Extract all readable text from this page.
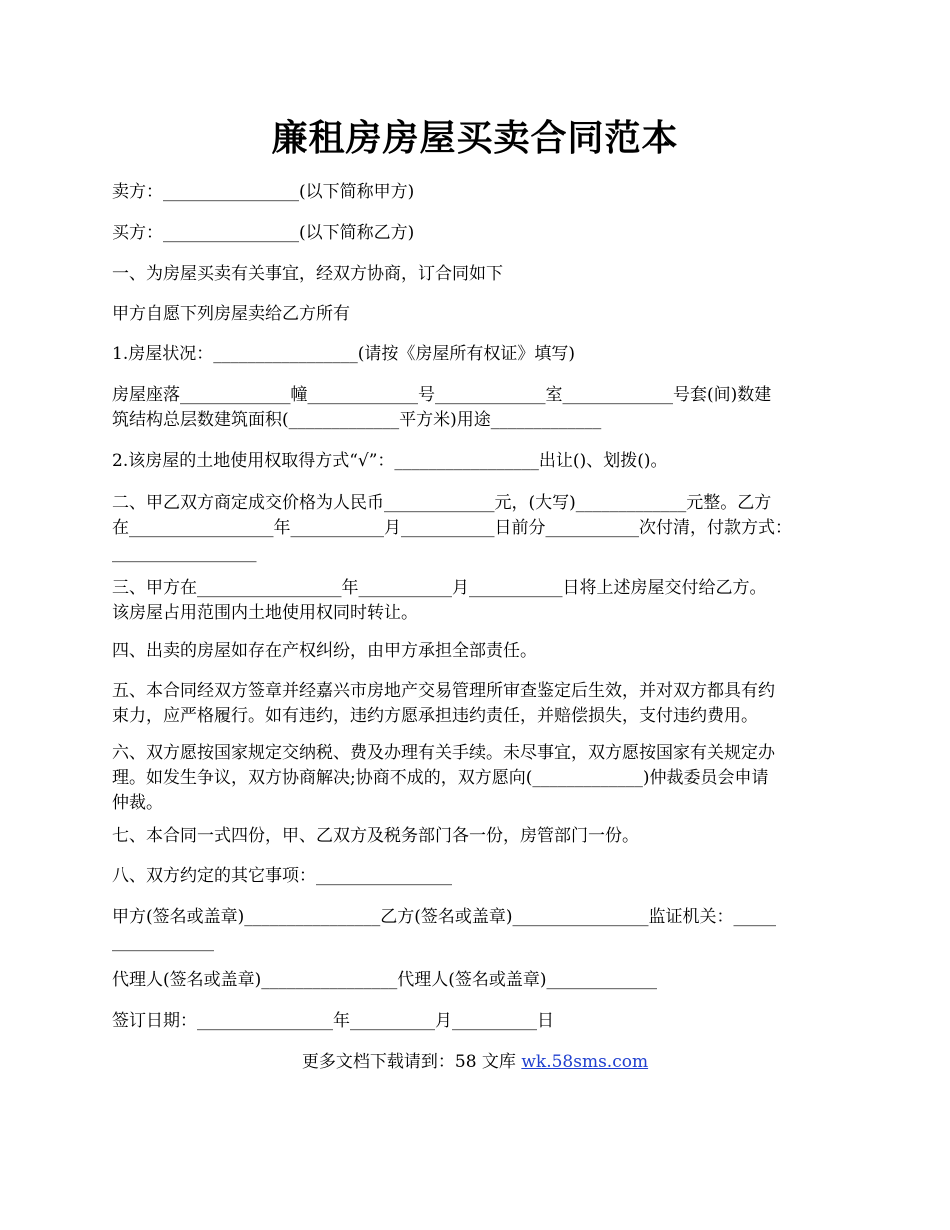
廉租房房屋买卖合同范本
卖方：________________(以下简称甲方)
买方：________________(以下简称乙方)
一、为房屋买卖有关事宜，经双方协商，订合同如下
甲方自愿下列房屋卖给乙方所有
1.房屋状况：_________________(请按《房屋所有权证》填写)
房屋座落_____________幢_____________号_____________室_____________号套(间)数建
筑结构总层数建筑面积(_____________平方米)用途_____________
2.该房屋的土地使用权取得方式“√”：_________________出让()、划拨()。
二、甲乙双方商定成交价格为人民币_____________元，(大写)_____________元整。乙方
在_________________年___________月___________日前分___________次付清，付款方式：
_________________
三、甲方在_________________年___________月___________日将上述房屋交付给乙方。
该房屋占用范围内土地使用权同时转让。
四、出卖的房屋如存在产权纠纷，由甲方承担全部责任。
五、本合同经双方签章并经嘉兴市房地产交易管理所审查鉴定后生效，并对双方都具有约
束力，应严格履行。如有违约，违约方愿承担违约责任，并赔偿损失，支付违约费用。
六、双方愿按国家规定交纳税、费及办理有关手续。未尽事宜，双方愿按国家有关规定办
理。如发生争议，双方协商解决;协商不成的，双方愿向(_____________)仲裁委员会申请
仲裁。
七、本合同一式四份，甲、乙双方及税务部门各一份，房管部门一份。
八、双方约定的其它事项：________________
甲方(签名或盖章)________________乙方(签名或盖章)________________监证机关：_____
____________
代理人(签名或盖章)________________代理人(签名或盖章)_____________
签订日期：________________年__________月__________日
更多文档下载请到：58 文库 wk.58sms.com
